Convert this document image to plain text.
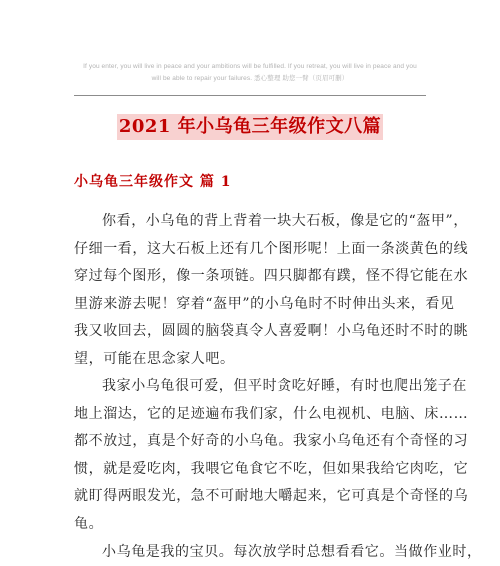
If you enter, you will live in peace and your ambitions will be fulfilled. If you retreat, you will live in peace and you
will be able to repair your failures. 悉心整理 助您一臂（页眉可删）
2021 年小乌龟三年级作文八篇
小乌龟三年级作文 篇 1
你看，小乌龟的背上背着一块大石板，像是它的“盔甲”，
仔细一看，这大石板上还有几个图形呢！上面一条淡黄色的线
穿过每个图形，像一条项链。四只脚都有蹼，怪不得它能在水
里游来游去呢！穿着“盔甲”的小乌龟时不时伸出头来，看见
我又收回去，圆圆的脑袋真令人喜爱啊！小乌龟还时不时的眺
望，可能在思念家人吧。
我家小乌龟很可爱，但平时贪吃好睡，有时也爬出笼子在
地上溜达，它的足迹遍布我们家，什么电视机、电脑、床……
都不放过，真是个好奇的小乌龟。我家小乌龟还有个奇怪的习
惯，就是爱吃肉，我喂它龟食它不吃，但如果我给它肉吃，它
就盯得两眼发光，急不可耐地大嚼起来，它可真是个奇怪的乌
龟。
小乌龟是我的宝贝。每次放学时总想看看它。当做作业时，
